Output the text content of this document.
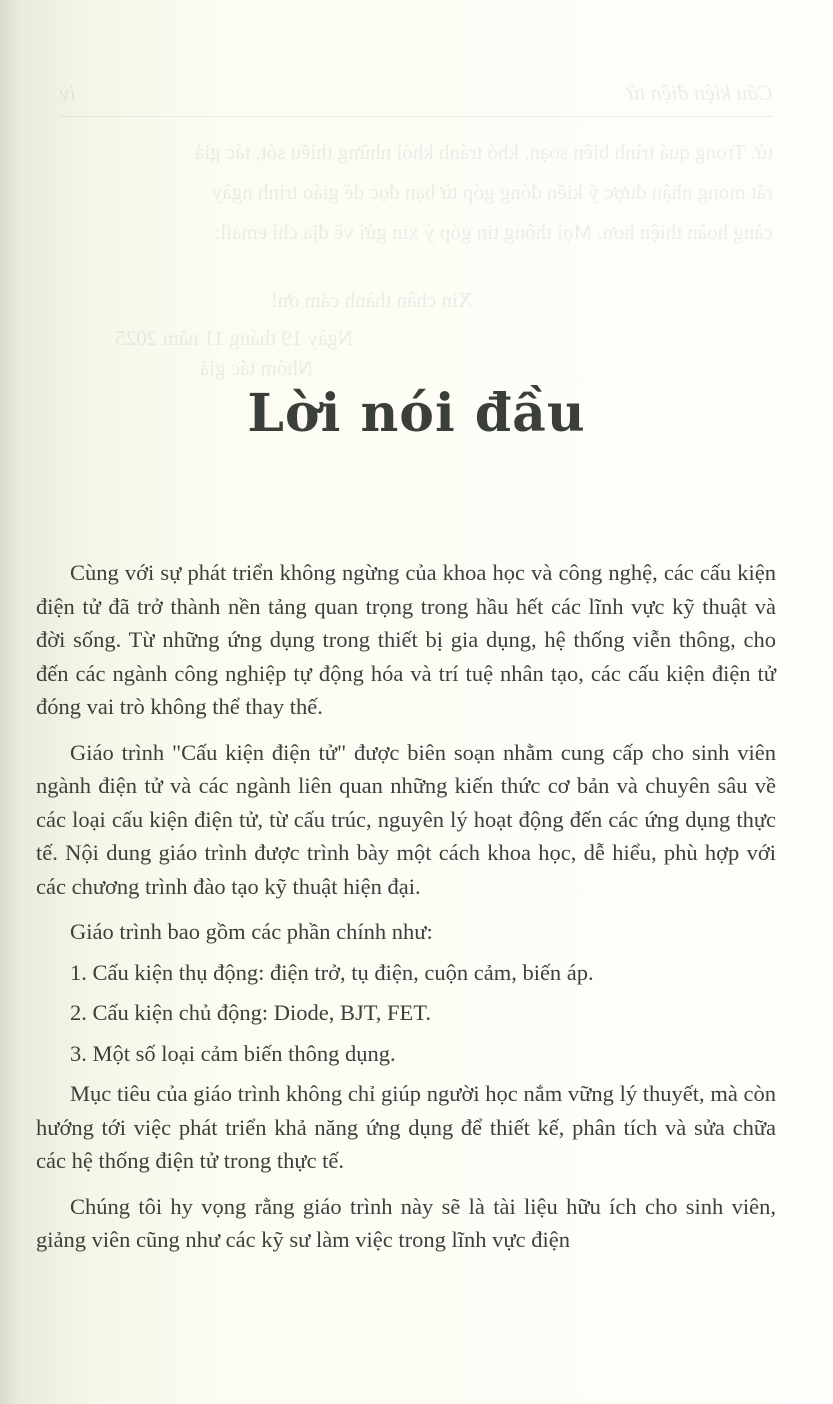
Cấu kiện điện tử
iv
tử. Trong quá trình biên soạn, khó tránh khỏi những thiếu sót, tác giả
rất mong nhận được ý kiến đóng góp từ bạn đọc để giáo trình ngày
càng hoàn thiện hơn. Mọi thông tin góp ý xin gửi về địa chỉ email:
Xin chân thành cảm ơn!
Ngày 19 tháng 11 năm 2025
Nhóm tác giả
Lời nói đầu

Cùng với sự phát triển không ngừng của khoa học và công nghệ, các cấu kiện điện tử đã trở thành nền tảng quan trọng trong hầu hết các lĩnh vực kỹ thuật và đời sống. Từ những ứng dụng trong thiết bị gia dụng, hệ thống viễn thông, cho đến các ngành công nghiệp tự động hóa và trí tuệ nhân tạo, các cấu kiện điện tử đóng vai trò không thể thay thế.

Giáo trình "Cấu kiện điện tử" được biên soạn nhằm cung cấp cho sinh viên ngành điện tử và các ngành liên quan những kiến thức cơ bản và chuyên sâu về các loại cấu kiện điện tử, từ cấu trúc, nguyên lý hoạt động đến các ứng dụng thực tế. Nội dung giáo trình được trình bày một cách khoa học, dễ hiểu, phù hợp với các chương trình đào tạo kỹ thuật hiện đại.

Giáo trình bao gồm các phần chính như:

1. Cấu kiện thụ động: điện trở, tụ điện, cuộn cảm, biến áp.

2. Cấu kiện chủ động: Diode, BJT, FET.

3. Một số loại cảm biến thông dụng.

Mục tiêu của giáo trình không chỉ giúp người học nắm vững lý thuyết, mà còn hướng tới việc phát triển khả năng ứng dụng để thiết kế, phân tích và sửa chữa các hệ thống điện tử trong thực tế.

Chúng tôi hy vọng rằng giáo trình này sẽ là tài liệu hữu ích cho sinh viên, giảng viên cũng như các kỹ sư làm việc trong lĩnh vực điện
